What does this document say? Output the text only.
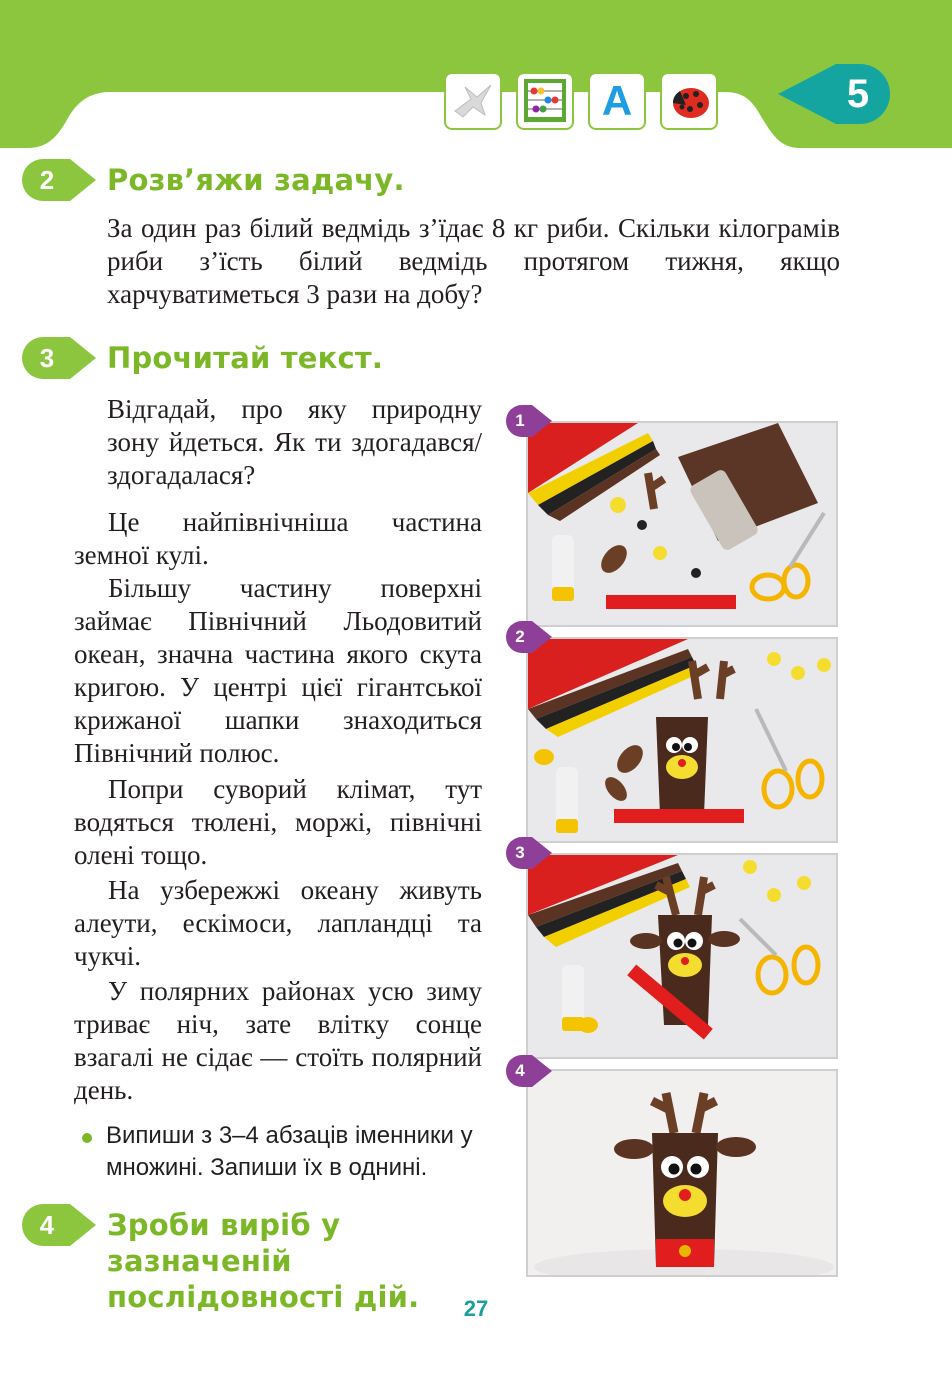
A	5
2	Розв’яжи задачу.

За один раз білий ведмідь з’їдає 8 кг риби. Скільки кілограмів риби з’їсть білий ведмідь протягом тижня, якщо харчуватиметься 3 рази на добу?

3	Прочитай текст.

Відгадай, про яку природну зону йдеться. Як ти здогадався/здогадалася?

Це найпівнічніша частина земної кулі.

Більшу частину поверхні займає Північний Льодовитий океан, значна частина якого скута кригою. У центрі цієї гігантської крижаної шапки знаходиться Північний полюс.

Попри суворий клімат, тут водяться тюлені, моржі, північні олені тощо.

На узбережжі океану живуть алеути, ескімоси, лапландці та чукчі.

У полярних районах усю зиму триває ніч, зате влітку сонце взагалі не сідає — стоїть полярний день.

Випиши з 3–4 абзаців іменники у множині. Запиши їх в однині.
4	Зроби виріб у зазначеній послідовності дій.
1
2
3
4
27
